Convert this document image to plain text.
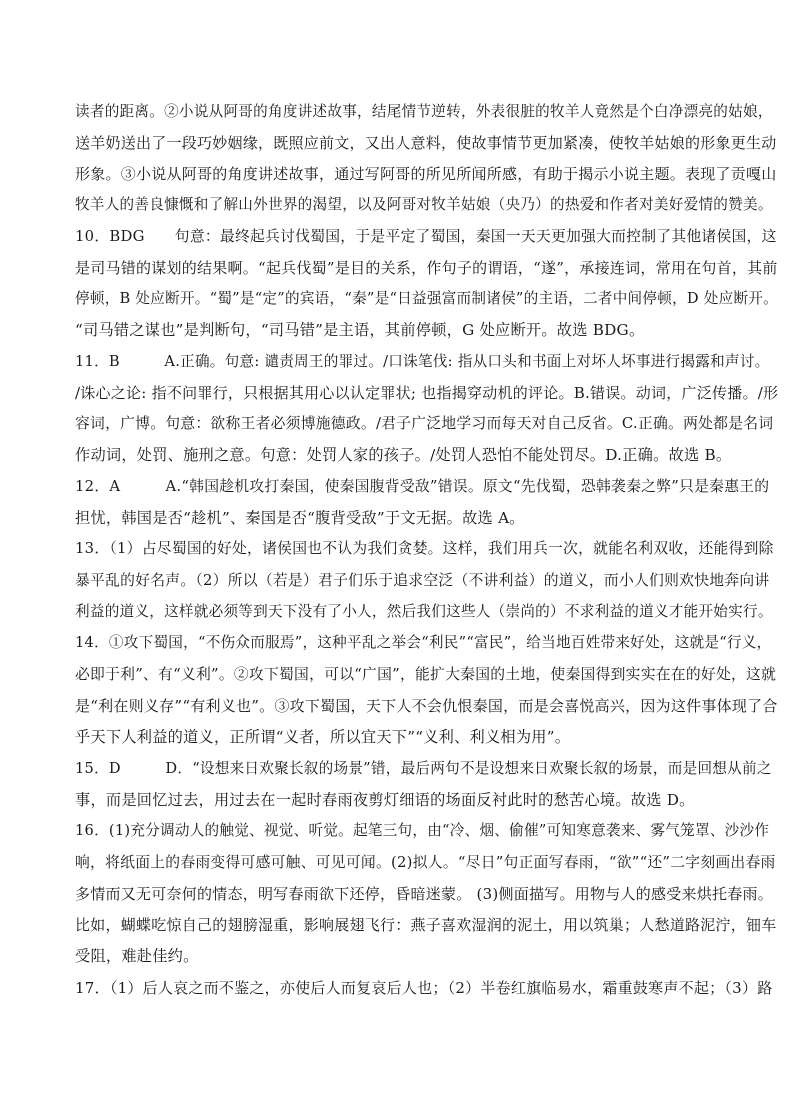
读者的距离。②小说从阿哥的角度讲述故事，结尾情节逆转，外表很脏的牧羊人竟然是个白净漂亮的姑娘，
送羊奶送出了一段巧妙姻缘，既照应前文，又出人意料，使故事情节更加紧凑，使牧羊姑娘的形象更生动
形象。③小说从阿哥的角度讲述故事，通过写阿哥的所见所闻所感，有助于揭示小说主题。表现了贡嘎山
牧羊人的善良慷慨和了解山外世界的渴望，以及阿哥对牧羊姑娘（央乃）的热爱和作者对美好爱情的赞美。
10．BDG　　句意：最终起兵讨伐蜀国，于是平定了蜀国，秦国一天天更加强大而控制了其他诸侯国，这
是司马错的谋划的结果啊。“起兵伐蜀”是目的关系，作句子的谓语，“遂”，承接连词，常用在句首，其前
停顿，B 处应断开。“蜀”是“定”的宾语，“秦”是“日益强富而制诸侯”的主语，二者中间停顿，D 处应断开。
“司马错之谋也”是判断句，“司马错”是主语，其前停顿，G 处应断开。故选 BDG。
11．B　　　A.正确。句意: 谴责周王的罪过。/口诛笔伐: 指从口头和书面上对坏人坏事进行揭露和声讨。
/诛心之论: 指不问罪行，只根据其用心以认定罪状; 也指揭穿动机的评论。B.错误。动词，广泛传播。/形
容词，广博。句意：欲称王者必须博施德政。/君子广泛地学习而每天对自己反省。C.正确。两处都是名词
作动词，处罚、施刑之意。句意：处罚人家的孩子。/处罚人恐怕不能处罚尽。D.正确。故选 B。
12．A　　　A.“韩国趁机攻打秦国，使秦国腹背受敌”错误。原文“先伐蜀，恐韩袭秦之弊”只是秦惠王的
担忧，韩国是否“趁机”、秦国是否“腹背受敌”于文无据。故选 A。
13．（1）占尽蜀国的好处，诸侯国也不认为我们贪婪。这样，我们用兵一次，就能名利双收，还能得到除
暴平乱的好名声。（2）所以（若是）君子们乐于追求空泛（不讲利益）的道义，而小人们则欢快地奔向讲
利益的道义，这样就必须等到天下没有了小人，然后我们这些人（崇尚的）不求利益的道义才能开始实行。
14．①攻下蜀国，“不伤众而服焉”，这种平乱之举会“利民”“富民”，给当地百姓带来好处，这就是“行义，
必即于利”、有“义利”。②攻下蜀国，可以“广国”，能扩大秦国的土地，使秦国得到实实在在的好处，这就
是“利在则义存”“有利义也”。③攻下蜀国，天下人不会仇恨秦国，而是会喜悦高兴，因为这件事体现了合
乎天下人利益的道义，正所谓“义者，所以宜天下”“义利、利义相为用”。
15．D　　　D．“设想来日欢聚长叙的场景”错，最后两句不是设想来日欢聚长叙的场景，而是回想从前之
事，而是回忆过去，用过去在一起时春雨夜剪灯细语的场面反衬此时的愁苦心境。故选 D。
16．(1)充分调动人的触觉、视觉、听觉。起笔三句，由“冷、烟、偷催”可知寒意袭来、雾气笼罩、沙沙作
响，将纸面上的春雨变得可感可触、可见可闻。(2)拟人。“尽日”句正面写春雨，“欲”“还”二字刻画出春雨
多情而又无可奈何的情态，明写春雨欲下还停，昏暗迷蒙。 (3)侧面描写。用物与人的感受来烘托春雨。
比如，蝴蝶吃惊自己的翅膀湿重，影响展翅飞行：燕子喜欢湿润的泥土，用以筑巢；人愁道路泥泞，钿车
受阻，难赴佳约。
17．（1）后人哀之而不鉴之，亦使后人而复哀后人也；（2）半卷红旗临易水，霜重鼓寒声不起；（3）路
